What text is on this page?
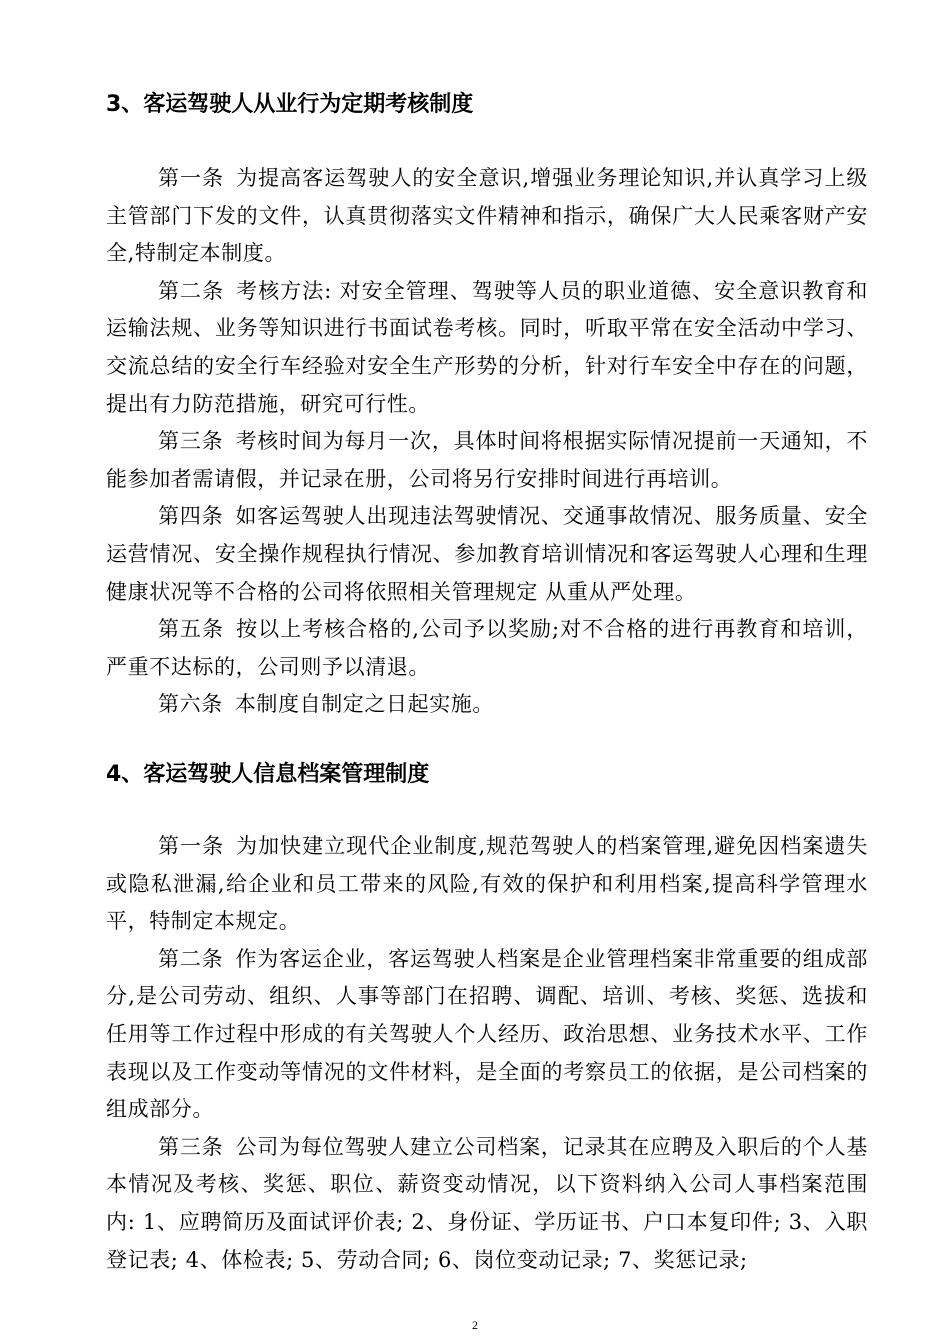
3、客运驾驶人从业行为定期考核制度

第一条 为提高客运驾驶人的安全意识,增强业务理论知识,并认真学习上级主管部门下发的文件，认真贯彻落实文件精神和指示，确保广大人民乘客财产安全,特制定本制度。

第二条 考核方法: 对安全管理、驾驶等人员的职业道德、安全意识教育和运输法规、业务等知识进行书面试卷考核。同时，听取平常在安全活动中学习、交流总结的安全行车经验对安全生产形势的分析，针对行车安全中存在的问题，提出有力防范措施，研究可行性。

第三条 考核时间为每月一次，具体时间将根据实际情况提前一天通知，不能参加者需请假，并记录在册，公司将另行安排时间进行再培训。

第四条 如客运驾驶人出现违法驾驶情况、交通事故情况、服务质量、安全运营情况、安全操作规程执行情况、参加教育培训情况和客运驾驶人心理和生理健康状况等不合格的公司将依照相关管理规定 从重从严处理。

第五条 按以上考核合格的,公司予以奖励;对不合格的进行再教育和培训，严重不达标的，公司则予以清退。

第六条 本制度自制定之日起实施。

4、客运驾驶人信息档案管理制度

第一条 为加快建立现代企业制度,规范驾驶人的档案管理,避免因档案遗失或隐私泄漏,给企业和员工带来的风险,有效的保护和利用档案,提高科学管理水平，特制定本规定。

第二条 作为客运企业，客运驾驶人档案是企业管理档案非常重要的组成部分,是公司劳动、组织、人事等部门在招聘、调配、培训、考核、奖惩、选拔和任用等工作过程中形成的有关驾驶人个人经历、政治思想、业务技术水平、工作表现以及工作变动等情况的文件材料，是全面的考察员工的依据，是公司档案的组成部分。

第三条 公司为每位驾驶人建立公司档案，记录其在应聘及入职后的个人基本情况及考核、奖惩、职位、薪资变动情况，以下资料纳入公司人事档案范围内: 1、应聘简历及面试评价表; 2、身份证、学历证书、户口本复印件; 3、入职登记表; 4、体检表; 5、劳动合同; 6、岗位变动记录; 7、奖惩记录;

2
